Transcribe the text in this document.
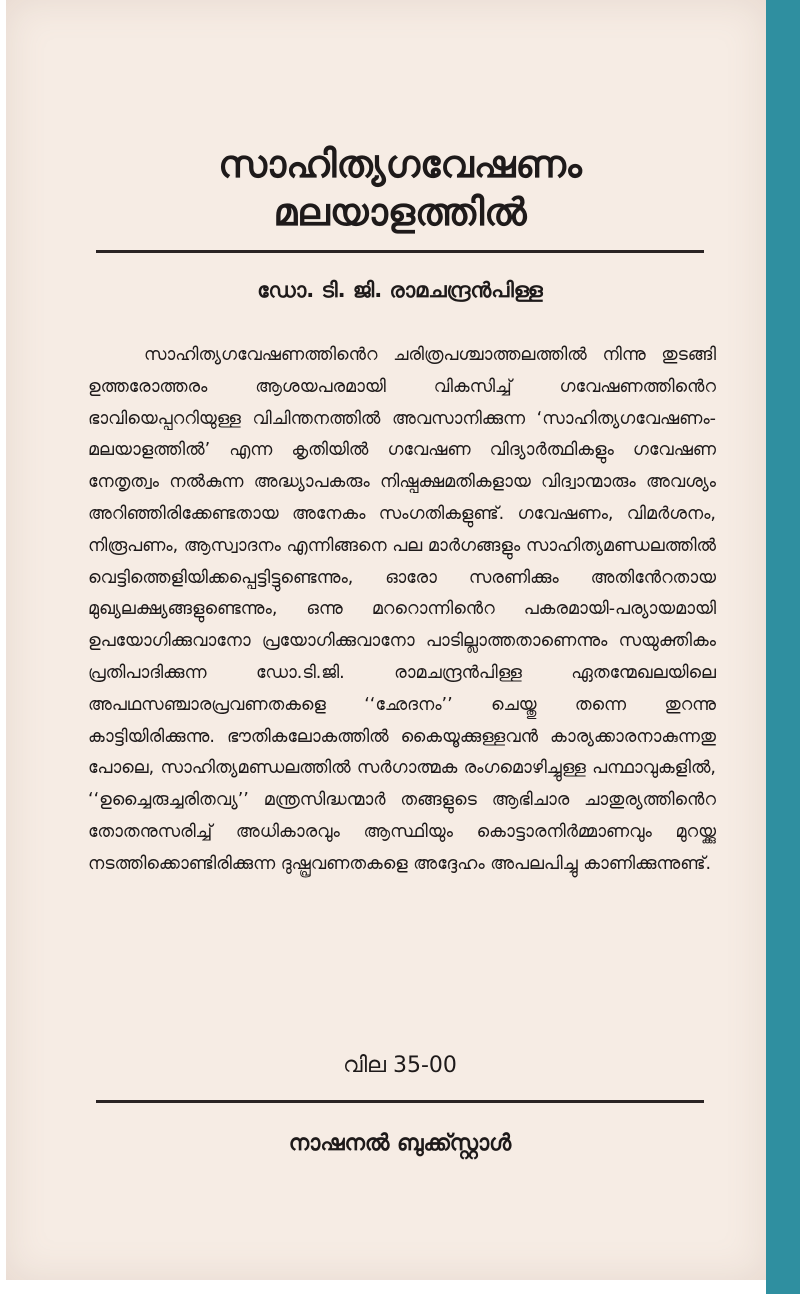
സാഹിത്യഗവേഷണം
മലയാളത്തിൽ
ഡോ. ടി. ജി. രാമചന്ദ്രൻപിള്ള

സാഹിത്യഗവേഷണത്തിൻെറ ചരിത്രപശ്ചാത്തലത്തിൽ നിന്നു തുടങ്ങി ഉത്തരോത്തരം ആശയപരമായി വികസിച്ച് ഗവേഷണത്തിൻെറ ഭാവിയെപ്പററിയുള്ള വിചിന്തനത്തിൽ അവസാനിക്കുന്ന ‘സാഹിത്യഗവേഷണം-മലയാളത്തിൽ’ എന്ന കൃതിയിൽ ഗവേഷണ വിദ്യാർത്ഥികളും ഗവേഷണ നേതൃത്വം നൽകുന്ന അദ്ധ്യാപകരും നിഷ്പക്ഷമതികളായ വിദ്വാന്മാരും അവശ്യം അറിഞ്ഞിരിക്കേണ്ടതായ അനേകം സംഗതികളുണ്ട്. ഗവേഷണം, വിമർശനം, നിരൂപണം, ആസ്വാദനം എന്നിങ്ങനെ പല മാർഗങ്ങളും സാഹിത്യമണ്ഡലത്തിൽ വെട്ടിത്തെളിയിക്കപ്പെട്ടിട്ടുണ്ടെന്നും, ഓരോ സരണിക്കും അതിൻേറതായ മുഖ്യലക്ഷ്യങ്ങളുണ്ടെന്നും, ഒന്നു മററൊന്നിൻെറ പകരമായി-പര്യായമായി ഉപയോഗിക്കുവാനോ പ്രയോഗിക്കുവാനോ പാടില്ലാത്തതാണെന്നും സയുക്തികം പ്രതിപാദിക്കുന്ന ഡോ.ടി.ജി. രാമചന്ദ്രൻപിള്ള ഏതന്മേഖലയിലെ അപഥസഞ്ചാരപ്രവണതകളെ ‘‘ഛേദനം’’ ചെയ്തു തന്നെ തുറന്നു കാട്ടിയിരിക്കുന്നു. ഭൗതികലോകത്തിൽ കൈയൂക്കുള്ളവൻ കാര്യക്കാരനാകുന്നതു പോലെ, സാഹിത്യമണ്ഡലത്തിൽ സർഗാത്മക രംഗമൊഴിച്ചുള്ള പന്ഥാവുകളിൽ, ‘‘ഉച്ചൈരുച്ചരിതവ്യ’’ മന്ത്രസിദ്ധന്മാർ തങ്ങളുടെ ആഭിചാര ചാതുര്യത്തിൻെറ തോതനുസരിച്ച് അധികാരവും ആസ്ഥിയും കൊട്ടാരനിർമ്മാണവും മുറയ്ക്കു നടത്തിക്കൊണ്ടിരിക്കുന്ന ദുഷ്പ്രവണതകളെ അദ്ദേഹം അപലപിച്ചു കാണിക്കുന്നുണ്ട്.

വില 35-00
നാഷനൽ ബുക്ക്സ്റ്റാൾ
